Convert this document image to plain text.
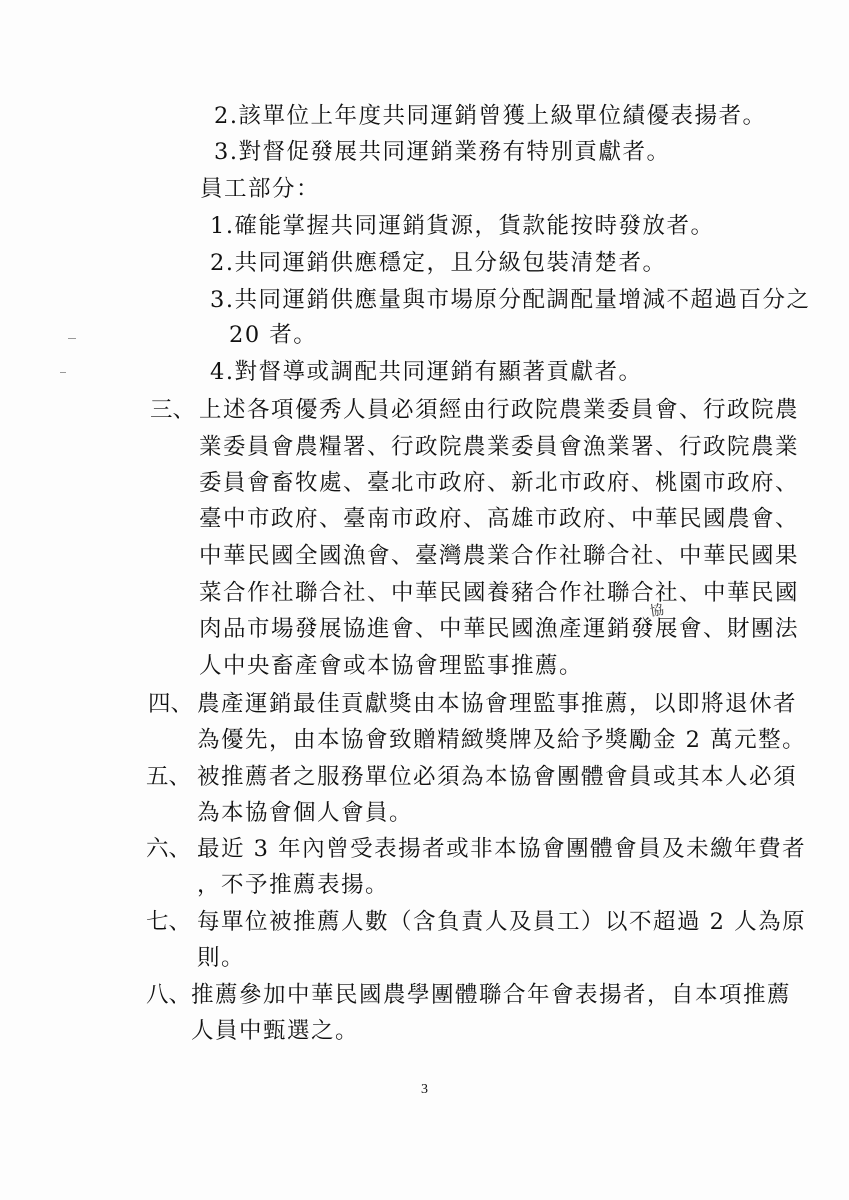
2.該單位上年度共同運銷曾獲上級單位績優表揚者。
3.對督促發展共同運銷業務有特別貢獻者。
員工部分：
1.確能掌握共同運銷貨源，貨款能按時發放者。
2.共同運銷供應穩定，且分級包裝清楚者。
3.共同運銷供應量與市場原分配調配量增減不超過百分之
20 者。
4.對督導或調配共同運銷有顯著貢獻者。
三、 上述各項優秀人員必須經由行政院農業委員會、行政院農
業委員會農糧署、行政院農業委員會漁業署、行政院農業
委員會畜牧處、臺北市政府、新北市政府、桃園市政府、
臺中市政府、臺南市政府、高雄市政府、中華民國農會、
中華民國全國漁會、臺灣農業合作社聯合社、中華民國果
菜合作社聯合社、中華民國養豬合作社聯合社、中華民國
協
肉品市場發展協進會、中華民國漁產運銷發展會、財團法
人中央畜產會或本協會理監事推薦。
四、 農產運銷最佳貢獻獎由本協會理監事推薦，以即將退休者
為優先，由本協會致贈精緻獎牌及給予獎勵金 2 萬元整。
五、 被推薦者之服務單位必須為本協會團體會員或其本人必須
為本協會個人會員。
六、 最近 3 年內曾受表揚者或非本協會團體會員及未繳年費者
，不予推薦表揚。
七、 每單位被推薦人數（含負責人及員工）以不超過 2 人為原
則。
八、 推薦參加中華民國農學團體聯合年會表揚者，自本項推薦
人員中甄選之。
3
